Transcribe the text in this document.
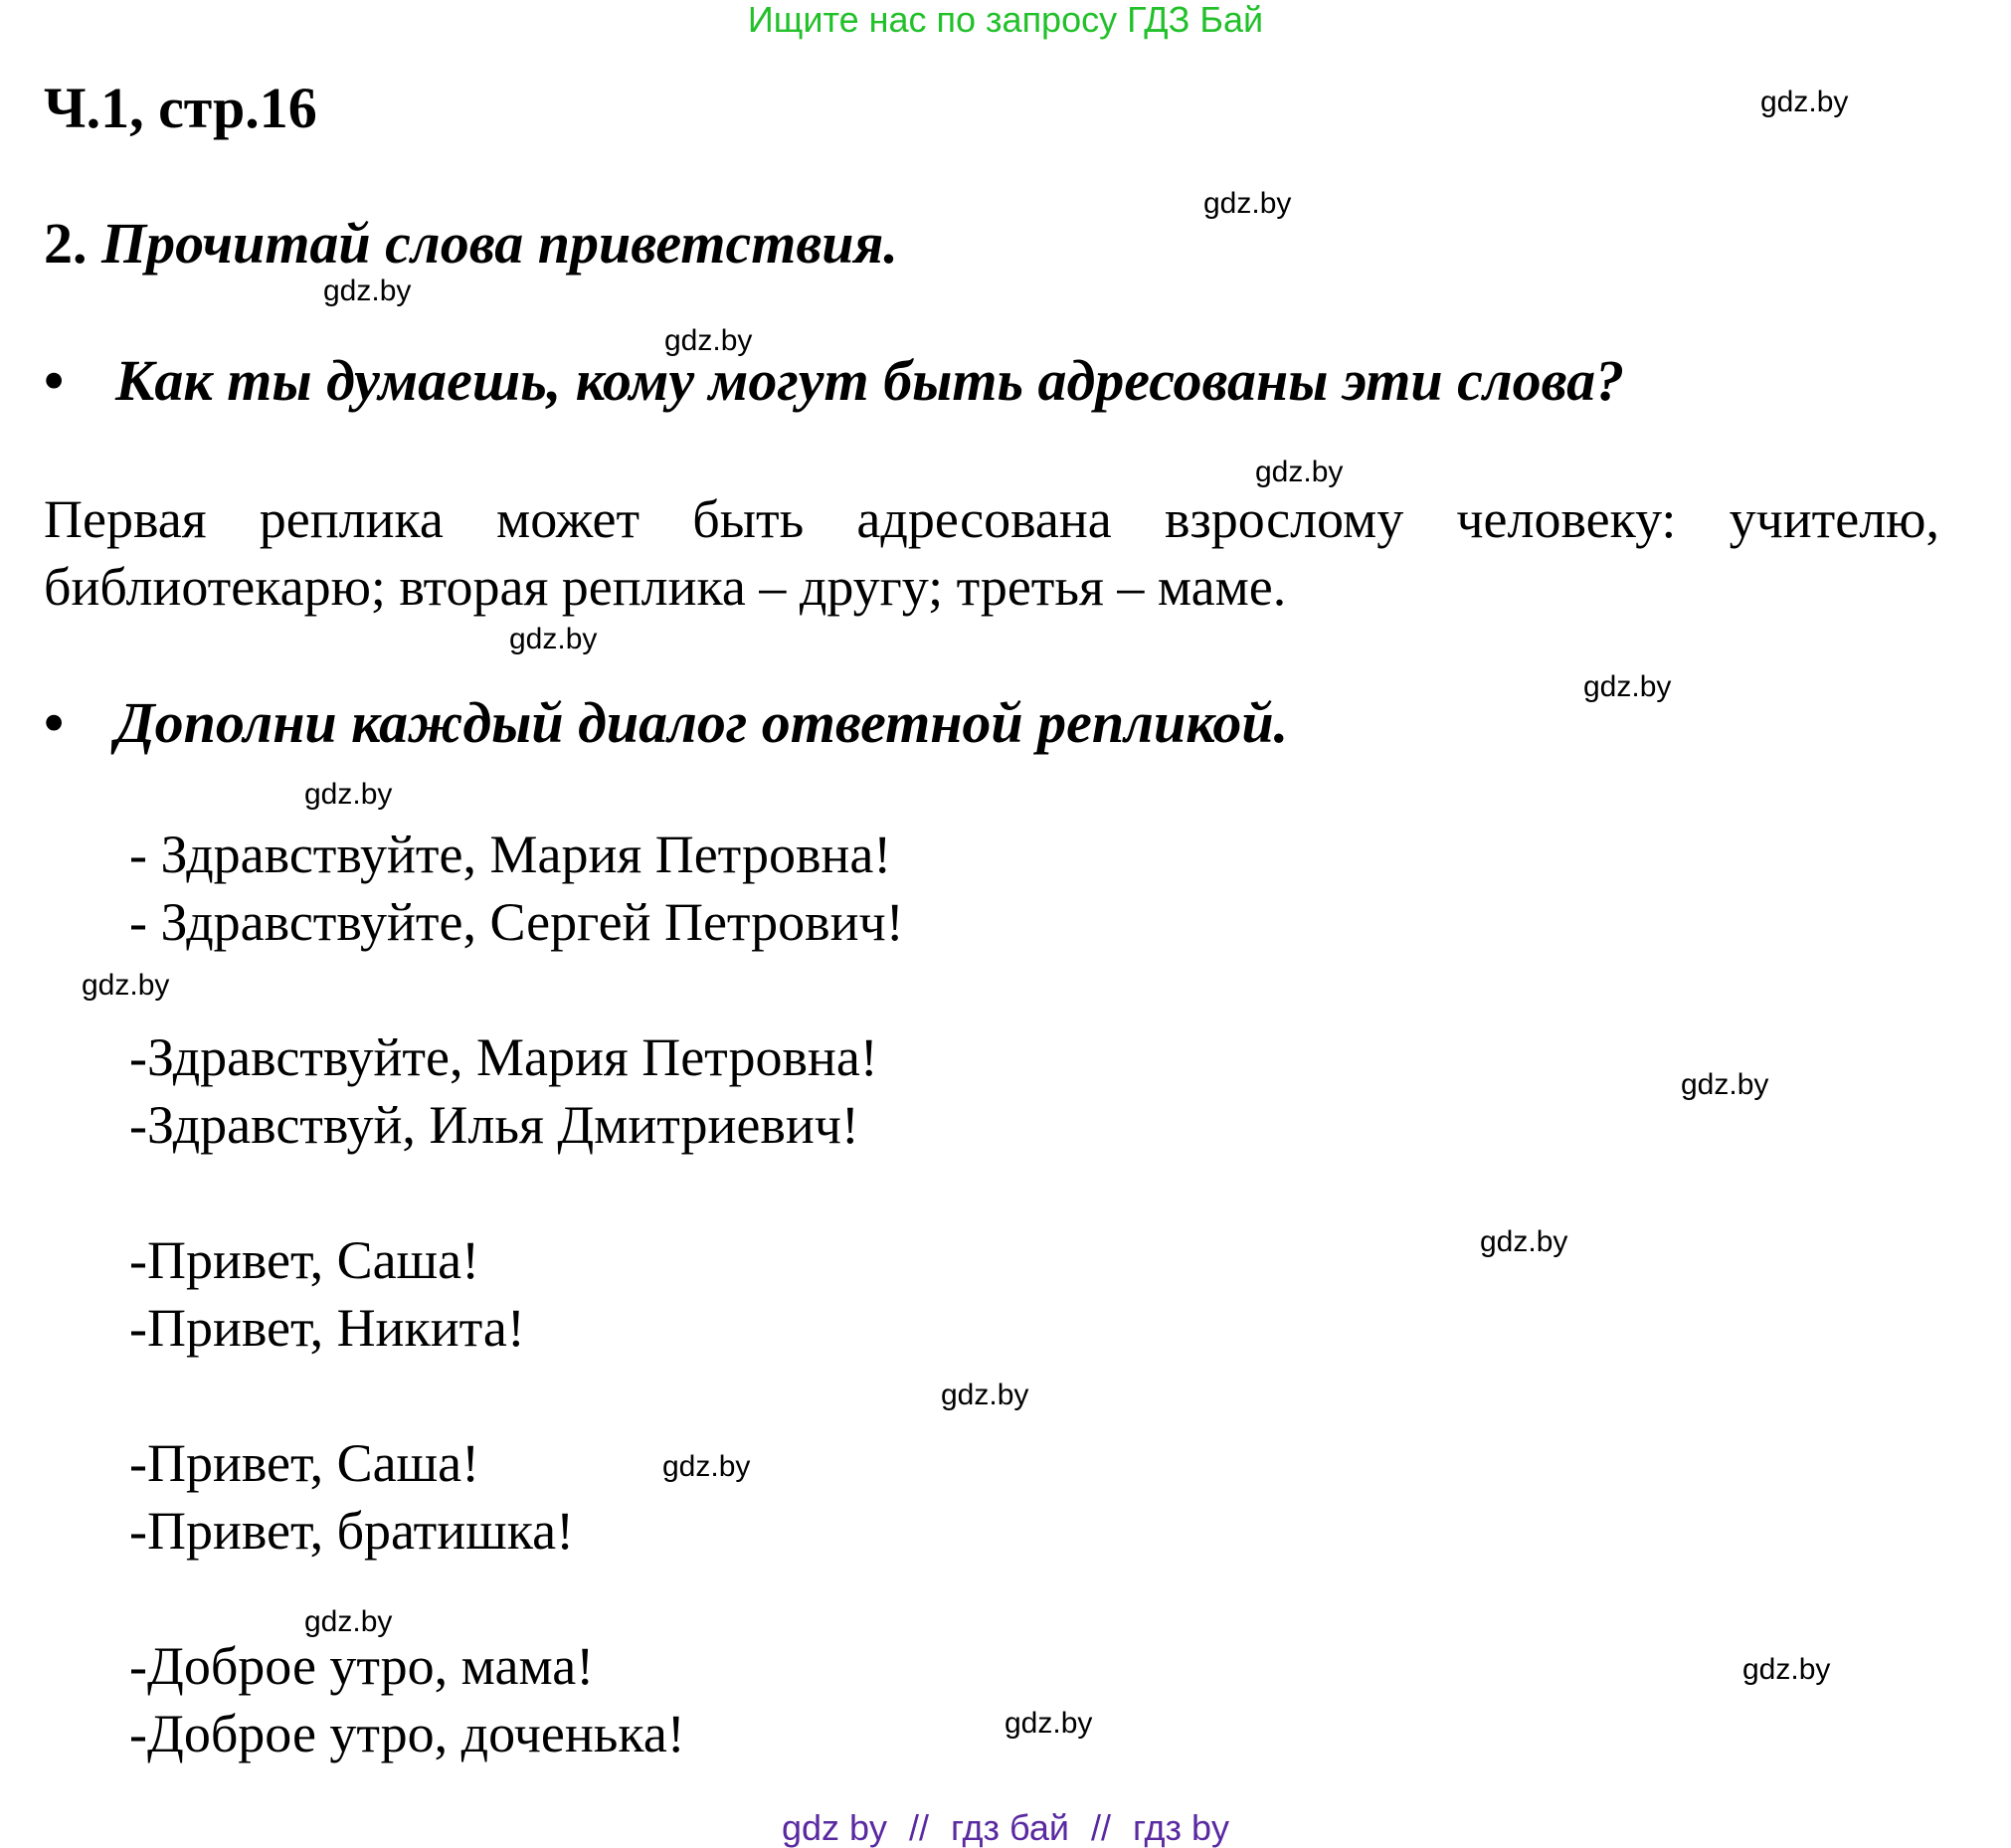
Ищите нас по запросу ГДЗ Бай
Ч.1, стр.16
2. Прочитай слова приветствия.
• Как ты думаешь, кому могут быть адресованы эти слова?
Первая реплика может быть адресована взрослому человеку: учителю, библиотекарю; вторая реплика – другу; третья – маме.
• Дополни каждый диалог ответной репликой.
- Здравствуйте, Мария Петровна!
- Здравствуйте, Сергей Петрович!
-Здравствуйте, Мария Петровна!
-Здравствуй, Илья Дмитриевич!
-Привет, Саша!
-Привет, Никита!
-Привет, Саша!
-Привет, братишка!
-Доброе утро, мама!
-Доброе утро, доченька!
gdz.by
gdz.by
gdz.by
gdz.by
gdz.by
gdz.by
gdz.by
gdz.by
gdz.by
gdz.by
gdz.by
gdz.by
gdz.by
gdz.by
gdz.by
gdz.by
gdz by // гдз бай // гдз by
